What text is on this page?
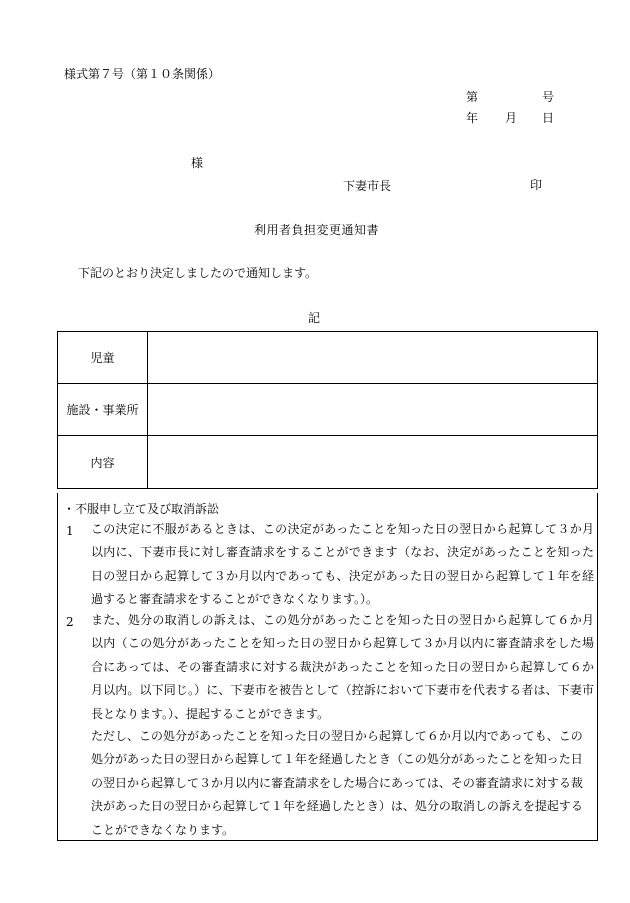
様式第７号（第１０条関係）
第	号
年 月 日
様
下妻市長	印
利用者負担変更通知書
下記のとおり決定しましたので通知します。
記
児童	
施設・事業所	
内容	
・不服申し立て及び取消訴訟
1 この決定に不服があるときは、この決定があったことを知った日の翌日から起算して３か月以内に、下妻市長に対し審査請求をすることができます（なお、決定があったことを知った日の翌日から起算して３か月以内であっても、決定があった日の翌日から起算して１年を経過すると審査請求をすることができなくなります。）。
2 また、処分の取消しの訴えは、この処分があったことを知った日の翌日から起算して６か月以内（この処分があったことを知った日の翌日から起算して３か月以内に審査請求をした場合にあっては、その審査請求に対する裁決があったことを知った日の翌日から起算して６か月以内。以下同じ。）に、下妻市を被告として（控訴において下妻市を代表する者は、下妻市長となります。）、提起することができます。
ただし、この処分があったことを知った日の翌日から起算して６か月以内であっても、この処分があった日の翌日から起算して１年を経過したとき（この処分があったことを知った日の翌日から起算して３か月以内に審査請求をした場合にあっては、その審査請求に対する裁決があった日の翌日から起算して１年を経過したとき）は、処分の取消しの訴えを提起することができなくなります。
